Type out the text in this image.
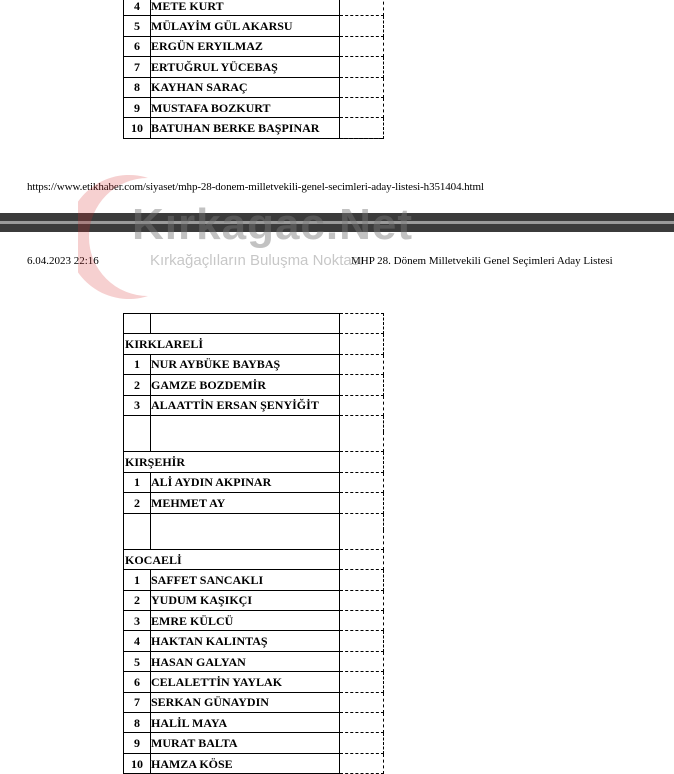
4	METE KURT	
5	MÜLAYİM GÜL AKARSU	
6	ERGÜN ERYILMAZ	
7	ERTUĞRUL YÜCEBAŞ	
8	KAYHAN SARAÇ	
9	MUSTAFA BOZKURT	
10	BATUHAN BERKE BAŞPINAR	
https://www.etikhaber.com/siyaset/mhp-28-donem-milletvekili-genel-secimleri-aday-listesi-h351404.html
6.04.2023 22:16	MHP 28. Dönem Milletvekili Genel Seçimleri Aday Listesi

KIRKLARELİ		
1	NUR AYBÜKE BAYBAŞ	
2	GAMZE BOZDEMİR	
3	ALAATTİN ERSAN ŞENYİĞİT	

KIRŞEHİR		
1	ALİ AYDIN AKPINAR	
2	MEHMET AY	

KOCAELİ		
1	SAFFET SANCAKLI	
2	YUDUM KAŞIKÇI	
3	EMRE KÜLCÜ	
4	HAKTAN KALINTAŞ	
5	HASAN GALYAN	
6	CELALETTİN YAYLAK	
7	SERKAN GÜNAYDIN	
8	HALİL MAYA	
9	MURAT BALTA	
10	HAMZA KÖSE	
Kırkagac.Net
Kırkağaçlıların Buluşma Noktası
